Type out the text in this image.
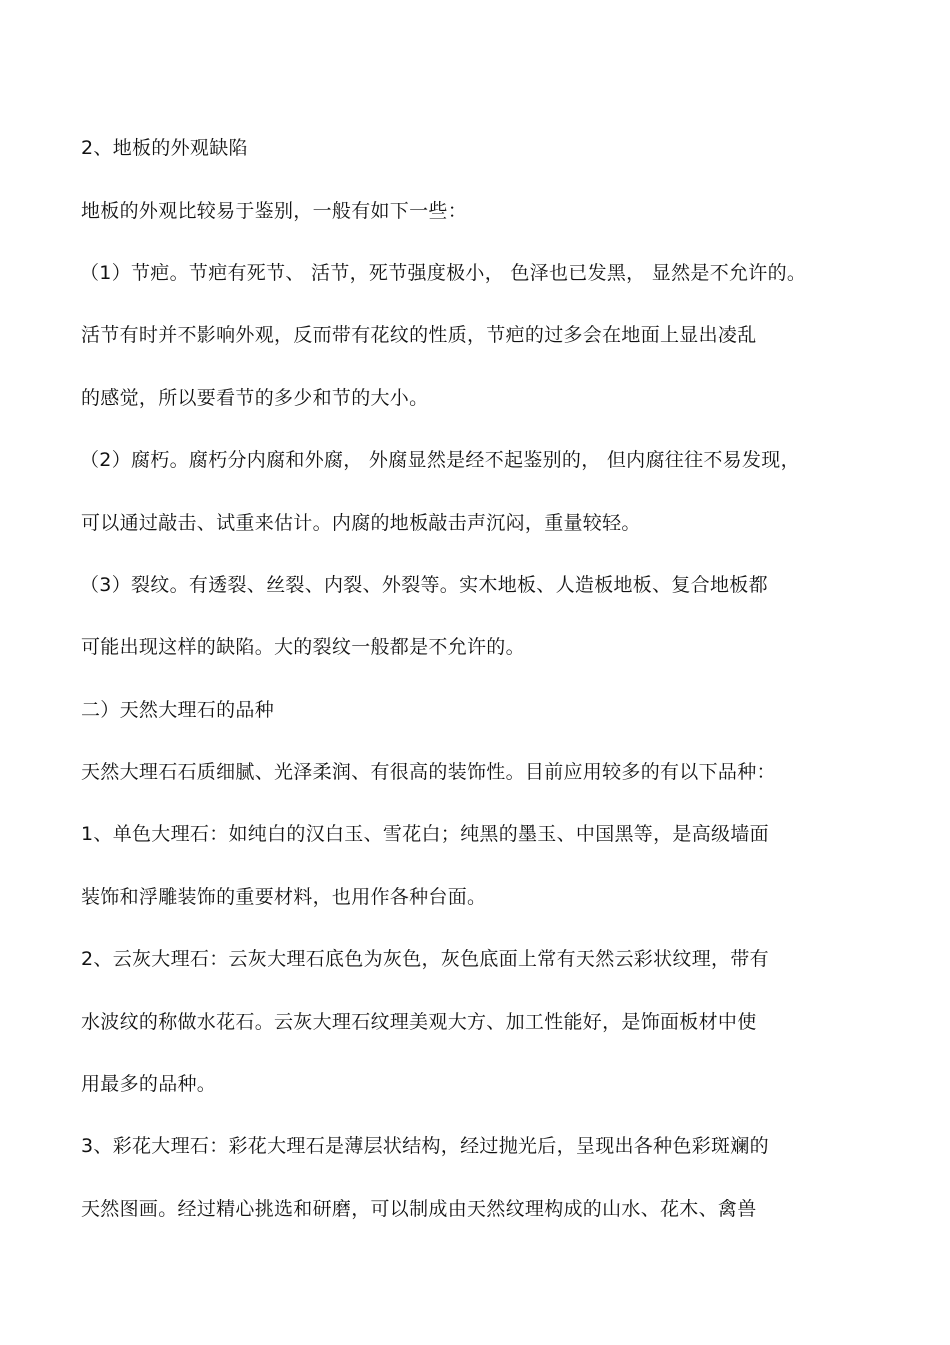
2、地板的外观缺陷
地板的外观比较易于鉴别，一般有如下一些：
（1）节疤。节疤有死节、 活节，死节强度极小， 色泽也已发黑， 显然是不允许的。
活节有时并不影响外观，反而带有花纹的性质，节疤的过多会在地面上显出凌乱
的感觉，所以要看节的多少和节的大小。
（2）腐朽。腐朽分内腐和外腐， 外腐显然是经不起鉴别的， 但内腐往往不易发现，
可以通过敲击、试重来估计。内腐的地板敲击声沉闷，重量较轻。
（3）裂纹。有透裂、丝裂、内裂、外裂等。实木地板、人造板地板、复合地板都
可能出现这样的缺陷。大的裂纹一般都是不允许的。
二）天然大理石的品种
天然大理石石质细腻、光泽柔润、有很高的装饰性。目前应用较多的有以下品种：
1、单色大理石：如纯白的汉白玉、雪花白；纯黑的墨玉、中国黑等，是高级墙面
装饰和浮雕装饰的重要材料，也用作各种台面。
2、云灰大理石：云灰大理石底色为灰色，灰色底面上常有天然云彩状纹理，带有
水波纹的称做水花石。云灰大理石纹理美观大方、加工性能好，是饰面板材中使
用最多的品种。
3、彩花大理石：彩花大理石是薄层状结构，经过抛光后，呈现出各种色彩斑斓的
天然图画。经过精心挑选和研磨，可以制成由天然纹理构成的山水、花木、禽兽
